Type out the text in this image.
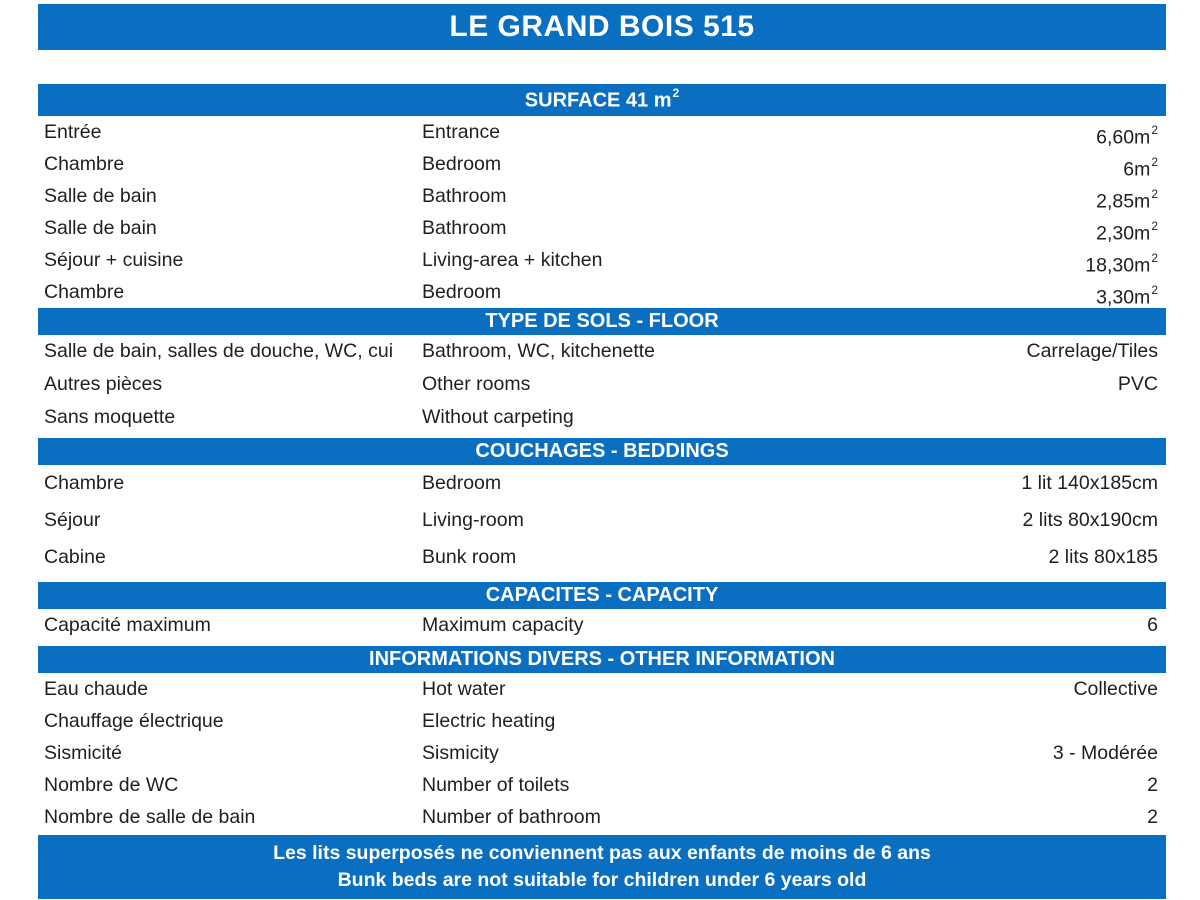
LE GRAND BOIS 515
SURFACE 41 $m^2$
Entrée	Entrance	$6,60m^2$
Chambre	Bedroom	$6m^2$
Salle de bain	Bathroom	$2,85m^2$
Salle de bain	Bathroom	$2,30m^2$
Séjour + cuisine	Living-area + kitchen	$18,30m^2$
Chambre	Bedroom	$3,30m^2$
TYPE DE SOLS - FLOOR
Salle de bain, salles de douche, WC, cui	Bathroom, WC, kitchenette	Carrelage/Tiles
Autres pièces	Other rooms	PVC
Sans moquette	Without carpeting
COUCHAGES - BEDDINGS
Chambre	Bedroom	1 lit 140x185cm
Séjour	Living-room	2 lits 80x190cm
Cabine	Bunk room	2 lits 80x185
CAPACITES - CAPACITY
Capacité maximum	Maximum capacity	6
INFORMATIONS DIVERS - OTHER INFORMATION
Eau chaude	Hot water	Collective
Chauffage électrique	Electric heating
Sismicité	Sismicity	3 - Modérée
Nombre de WC	Number of toilets	2
Nombre de salle de bain	Number of bathroom	2
Les lits superposés ne conviennent pas aux enfants de moins de 6 ans
Bunk beds are not suitable for children under 6 years old
